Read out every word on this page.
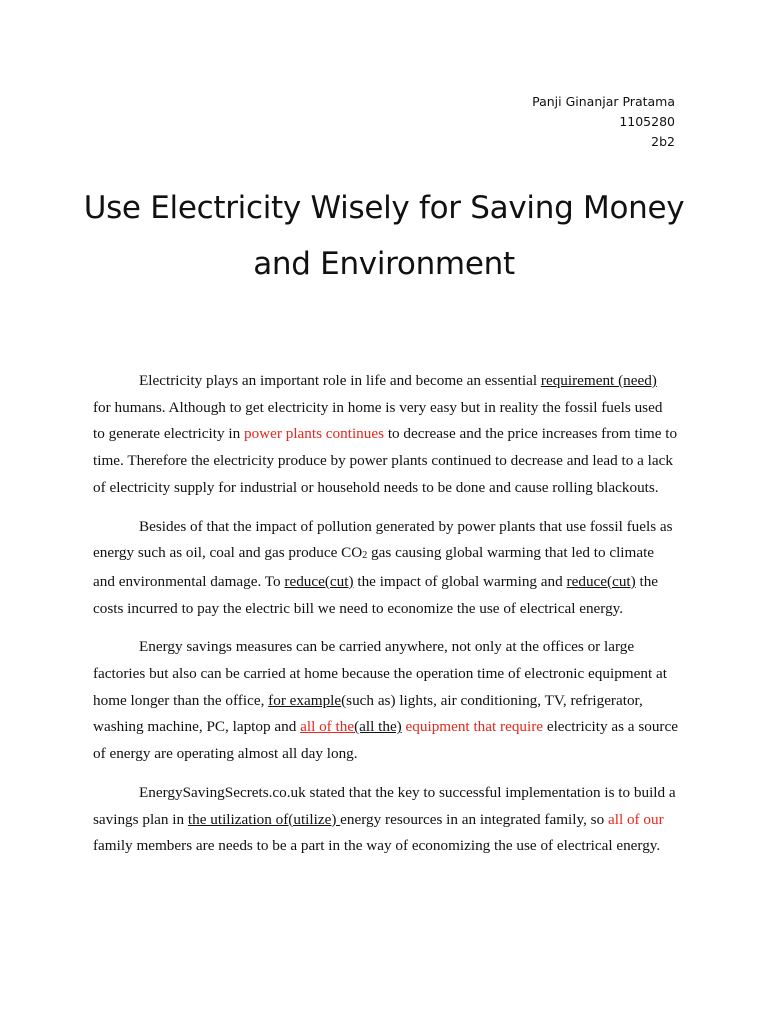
Panji Ginanjar Pratama
1105280
2b2
Use Electricity Wisely for Saving Money
and Environment

Electricity plays an important role in life and become an essential requirement (need) for humans. Although to get electricity in home is very easy but in reality the fossil fuels used to generate electricity in power plants continues to decrease and the price increases from time to time. Therefore the electricity produce by power plants continued to decrease and lead to a lack of electricity supply for industrial or household needs to be done and cause rolling blackouts.

Besides of that the impact of pollution generated by power plants that use fossil fuels as energy such as oil, coal and gas produce $CO_2$ gas causing global warming that led to climate and environmental damage. To reduce(cut) the impact of global warming and reduce(cut) the costs incurred to pay the electric bill we need to economize the use of electrical energy.

Energy savings measures can be carried anywhere, not only at the offices or large factories but also can be carried at home because the operation time of electronic equipment at home longer than the office, for example(such as) lights, air conditioning, TV, refrigerator, washing machine, PC, laptop and all of the(all the) equipment that require electricity as a source of energy are operating almost all day long.

EnergySavingSecrets.co.uk stated that the key to successful implementation is to build a savings plan in the utilization of(utilize) energy resources in an integrated family, so all of our family members are needs to be a part in the way of economizing the use of electrical energy.
